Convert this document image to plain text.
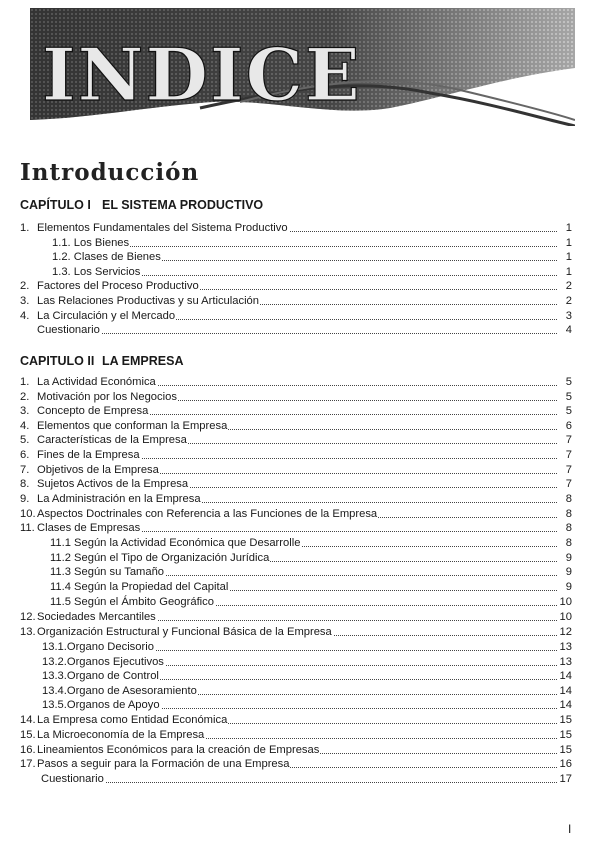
INDICE
Introducción
CAPÍTULO I EL SISTEMA PRODUCTIVO
CAPITULO II LA EMPRESA
1. Elementos Fundamentales del Sistema Productivo	1
1.1. Los Bienes	1
1.2. Clases de Bienes	1
1.3. Los Servicios	1
2. Factores del Proceso Productivo	2
3. Las Relaciones Productivas y su Articulación	2
4. La Circulación y el Mercado	3
Cuestionario	4
1. La Actividad Económica	5
2. Motivación por los Negocios	5
3. Concepto de Empresa	5
4. Elementos que conforman la Empresa	6
5. Características de la Empresa	7
6. Fines de la Empresa	7
7. Objetivos de la Empresa	7
8. Sujetos Activos de la Empresa	7
9. La Administración en la Empresa	8
10. Aspectos Doctrinales con Referencia a las Funciones de la Empresa	8
11. Clases de Empresas	8
11.1 Según la Actividad Económica que Desarrolle	8
11.2 Según el Tipo de Organización Jurídica	9
11.3 Según su Tamaño	9
11.4 Según la Propiedad del Capital	9
11.5 Según el Ámbito Geográfico	10
12. Sociedades Mercantiles	10
13. Organización Estructural y Funcional Básica de la Empresa	12
13.1.Organo Decisorio	13
13.2.Organos Ejecutivos	13
13.3.Organo de Control	14
13.4.Organo de Asesoramiento	14
13.5.Organos de Apoyo	14
14. La Empresa como Entidad Económica	15
15. La Microeconomía de la Empresa	15
16. Lineamientos Económicos para la creación de Empresas	15
17. Pasos a seguir para la Formación de una Empresa	16
Cuestionario	17
I
